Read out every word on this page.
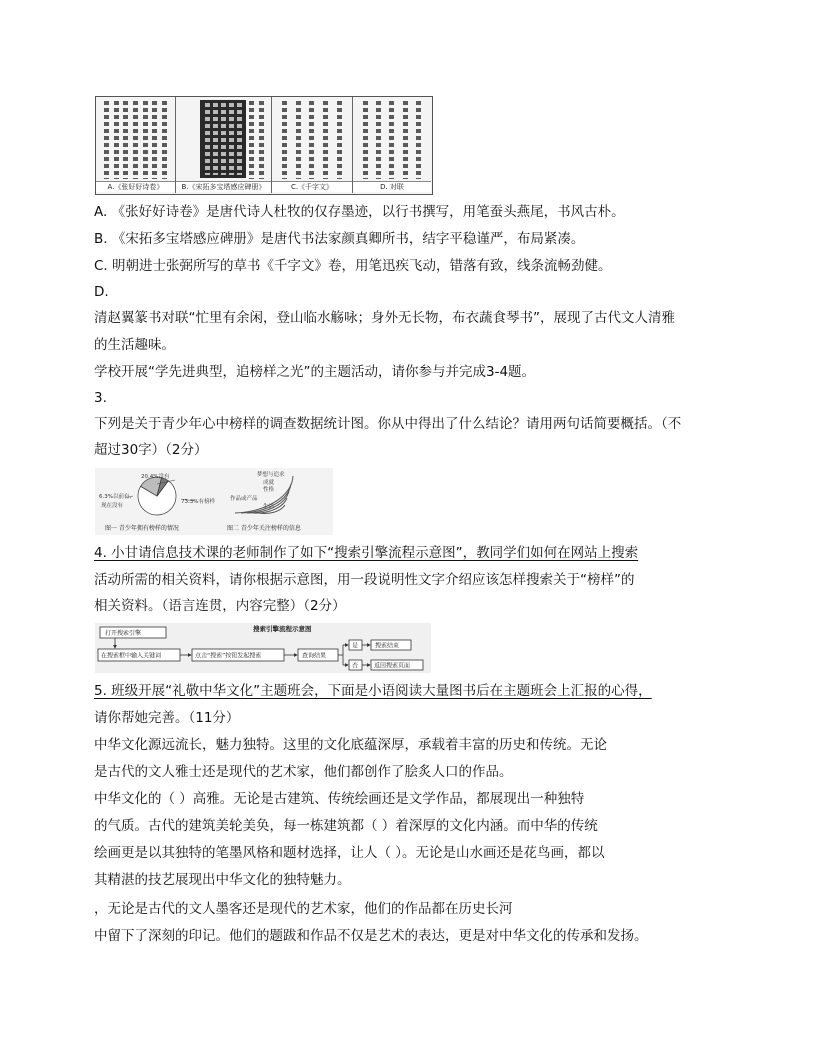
A.《张好好诗卷》	B.《宋拓多宝塔感应碑册》	C.《千字文》	D. 对联
A. 《张好好诗卷》是唐代诗人杜牧的仅存墨迹，以行书撰写，用笔蚕头燕尾，书风古朴。
B. 《宋拓多宝塔感应碑册》是唐代书法家颜真卿所书，结字平稳谨严，布局紧凑。
C. 明朝进士张弼所写的草书《千字文》卷，用笔迅疾飞动，错落有致，线条流畅劲健。
D.
清赵翼篆书对联“忙里有余闲，登山临水觞咏；身外无长物，布衣蔬食琴书”，展现了古代文人清雅
的生活趣味。
学校开展“学先进典型，追榜样之光”的主题活动，请你参与并完成3-4题。
3.
下列是关于青少年心中榜样的调查数据统计图。你从中得出了什么结论？请用两句话简要概括。（不
超过30字）（2分）
20.4%没有
73.3%有榜样
6.3%以前有,
现在没有
梦想与追求
成就
性格
作品或产品
生活
图一 青少年拥有榜样的情况	图二 青少年关注榜样的信息
4. 小甘请信息技术课的老师制作了如下“搜索引擎流程示意图”，教同学们如何在网站上搜索
活动所需的相关资料，请你根据示意图，用一段说明性文字介绍应该怎样搜索关于“榜样”的
相关资料。（语言连贯，内容完整）（2分）
搜索引擎流程示意图
打开搜索引擎
在搜索框中输入关键词	点击“搜索”按钮发起搜索	查询结果
是
否
搜索结束
返回搜索页面
5. 班级开展“礼敬中华文化”主题班会，下面是小语阅读大量图书后在主题班会上汇报的心得，
请你帮她完善。（11分）
中华文化源远流长，魅力独特。这里的文化底蕴深厚，承载着丰富的历史和传统。无论
是古代的文人雅士还是现代的艺术家，他们都创作了脍炙人口的作品。
中华文化的（ ）高雅。无论是古建筑、传统绘画还是文学作品，都展现出一种独特
的气质。古代的建筑美轮美奂，每一栋建筑都（ ）着深厚的文化内涵。而中华的传统
绘画更是以其独特的笔墨风格和题材选择，让人（ ）。无论是山水画还是花鸟画，都以
其精湛的技艺展现出中华文化的独特魅力。
，无论是古代的文人墨客还是现代的艺术家，他们的作品都在历史长河
中留下了深刻的印记。他们的题跋和作品不仅是艺术的表达，更是对中华文化的传承和发扬。
